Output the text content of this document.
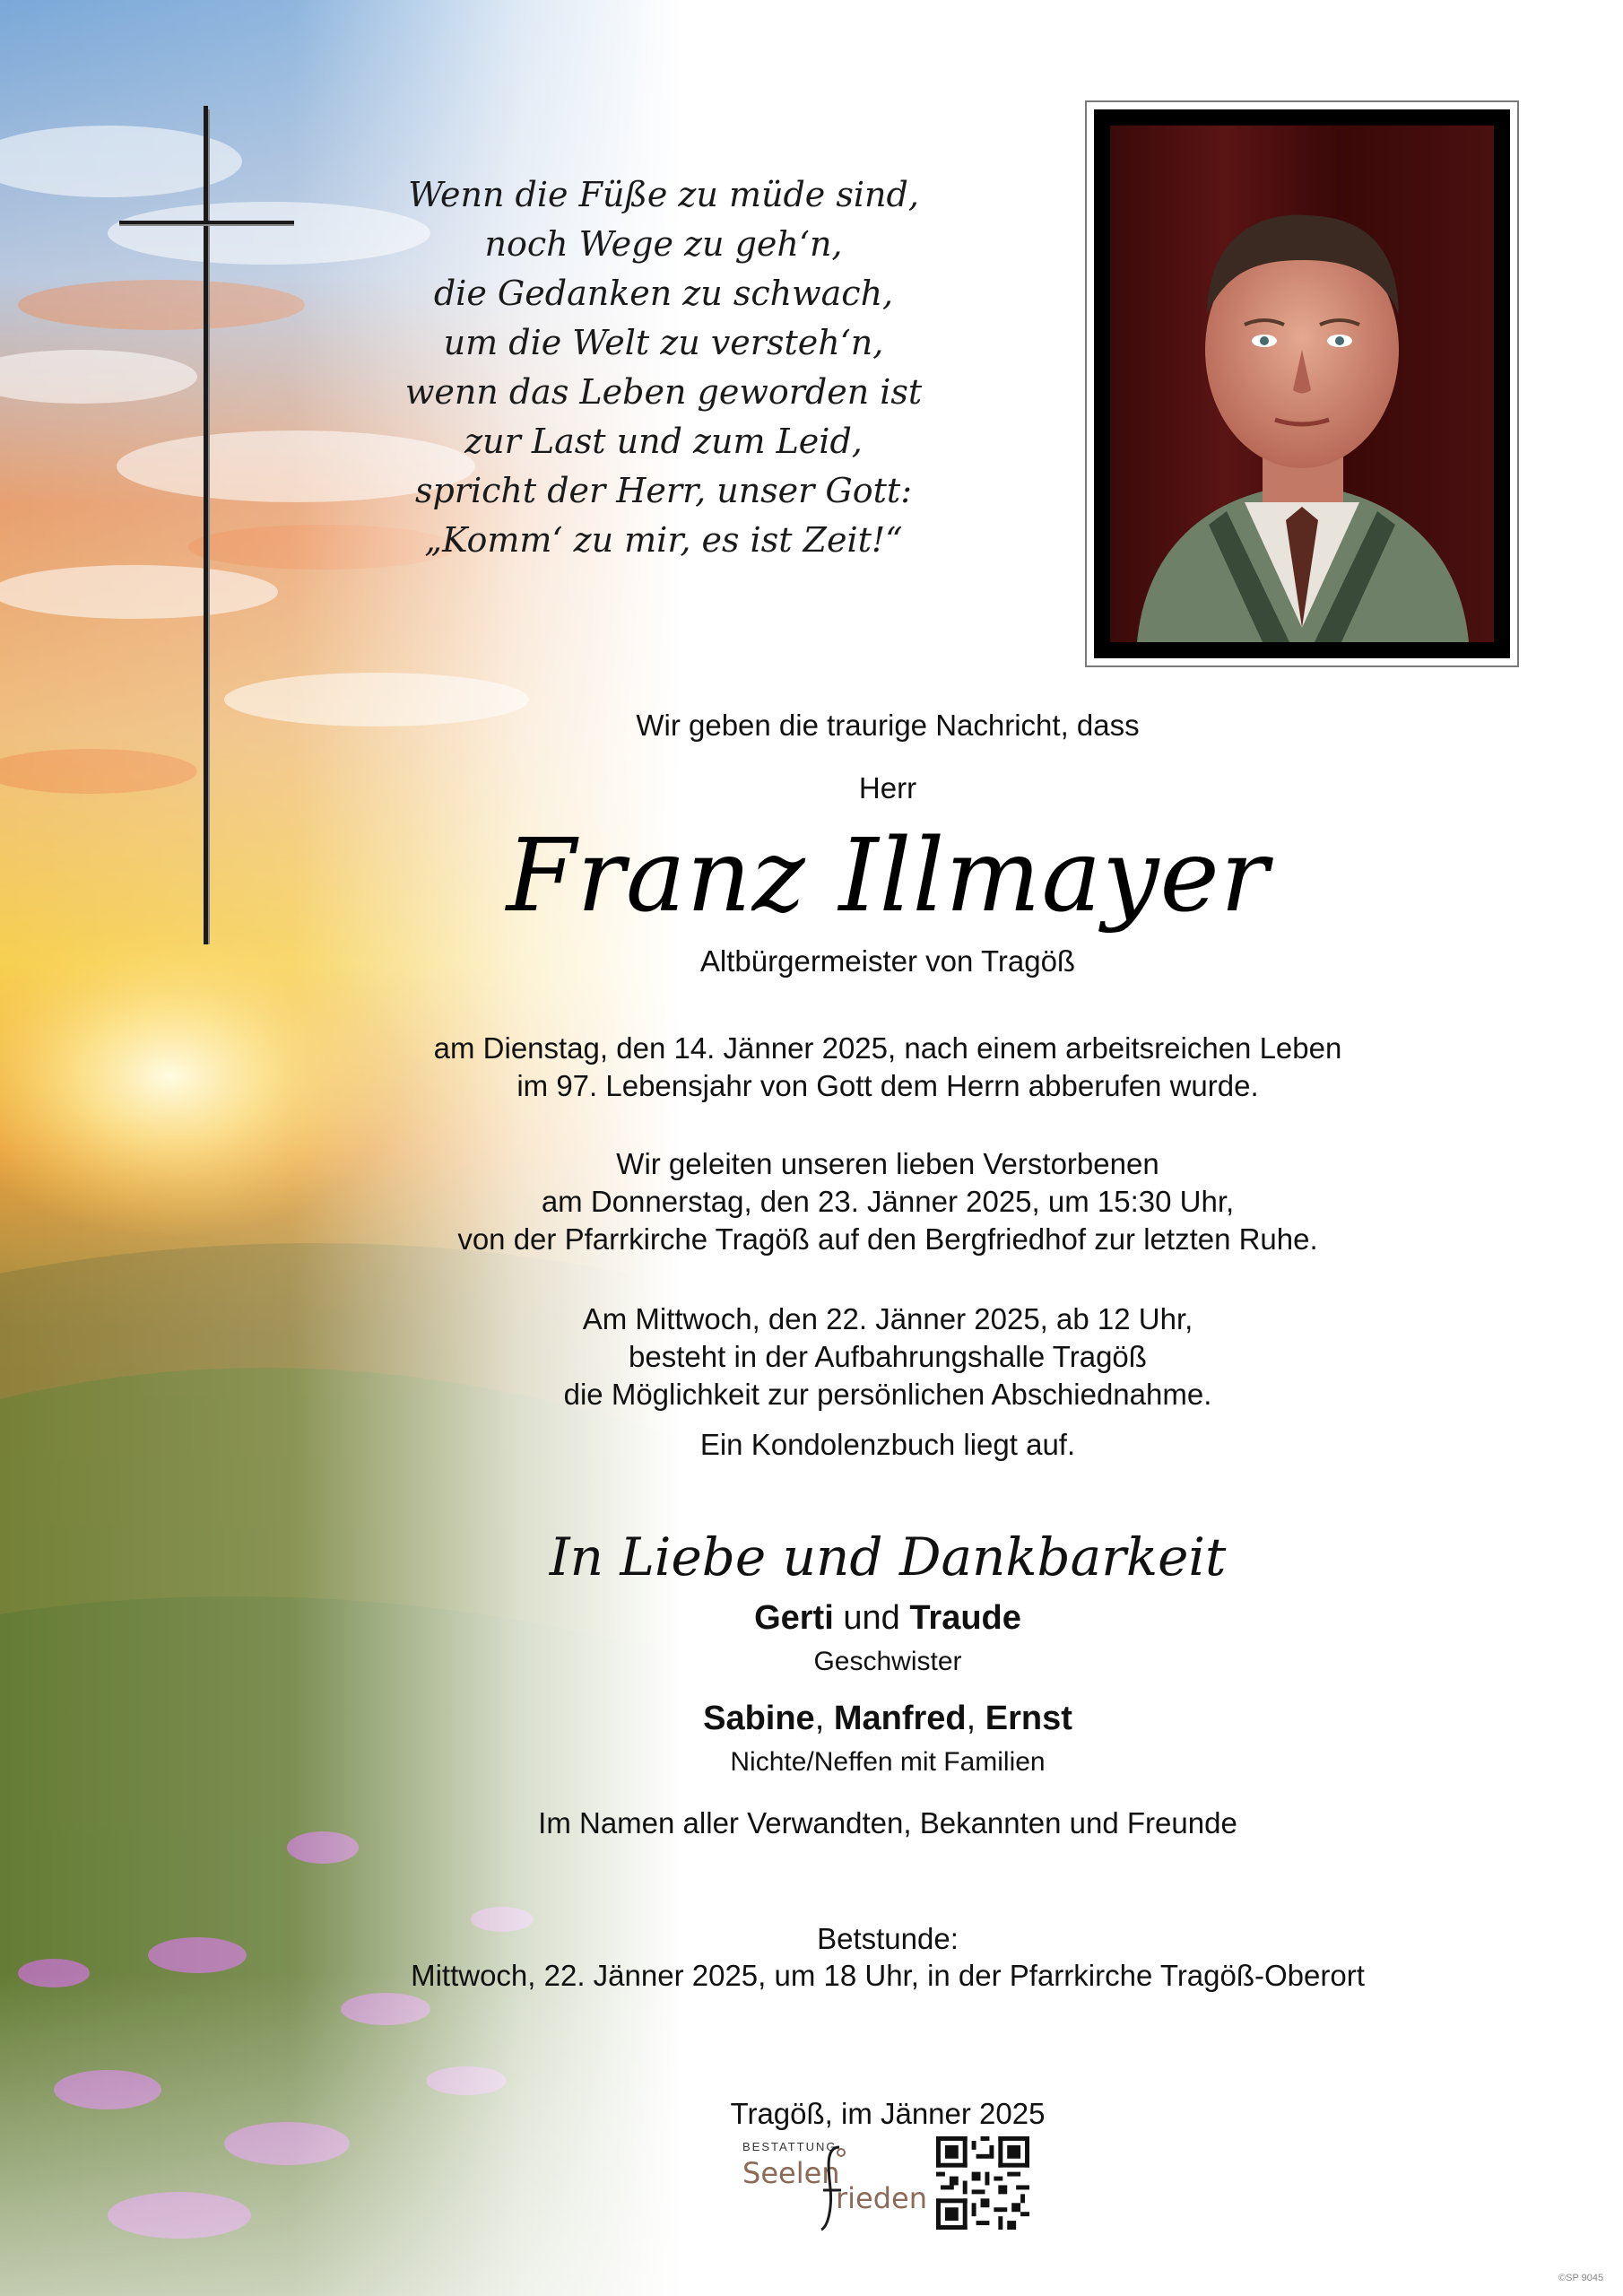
Wenn die Füße zu müde sind,
noch Wege zu geh‘n,
die Gedanken zu schwach,
um die Welt zu versteh‘n,
wenn das Leben geworden ist
zur Last und zum Leid,
spricht der Herr, unser Gott:
„Komm‘ zu mir, es ist Zeit!“
Wir geben die traurige Nachricht, dass
Herr
Franz Illmayer
Altbürgermeister von Tragöß
am Dienstag, den 14. Jänner 2025, nach einem arbeitsreichen Leben
im 97. Lebensjahr von Gott dem Herrn abberufen wurde.
Wir geleiten unseren lieben Verstorbenen
am Donnerstag, den 23. Jänner 2025, um 15:30 Uhr,
von der Pfarrkirche Tragöß auf den Bergfriedhof zur letzten Ruhe.
Am Mittwoch, den 22. Jänner 2025, ab 12 Uhr,
besteht in der Aufbahrungshalle Tragöß
die Möglichkeit zur persönlichen Abschiednahme.
Ein Kondolenzbuch liegt auf.
In Liebe und Dankbarkeit
Gerti und Traude
Geschwister
Sabine, Manfred, Ernst
Nichte/Neffen mit Familien
Im Namen aller Verwandten, Bekannten und Freunde
Betstunde:
Mittwoch, 22. Jänner 2025, um 18 Uhr, in der Pfarrkirche Tragöß-Oberort
Tragöß, im Jänner 2025
BESTATTUNG
Seelen
rieden
©SP 9045
